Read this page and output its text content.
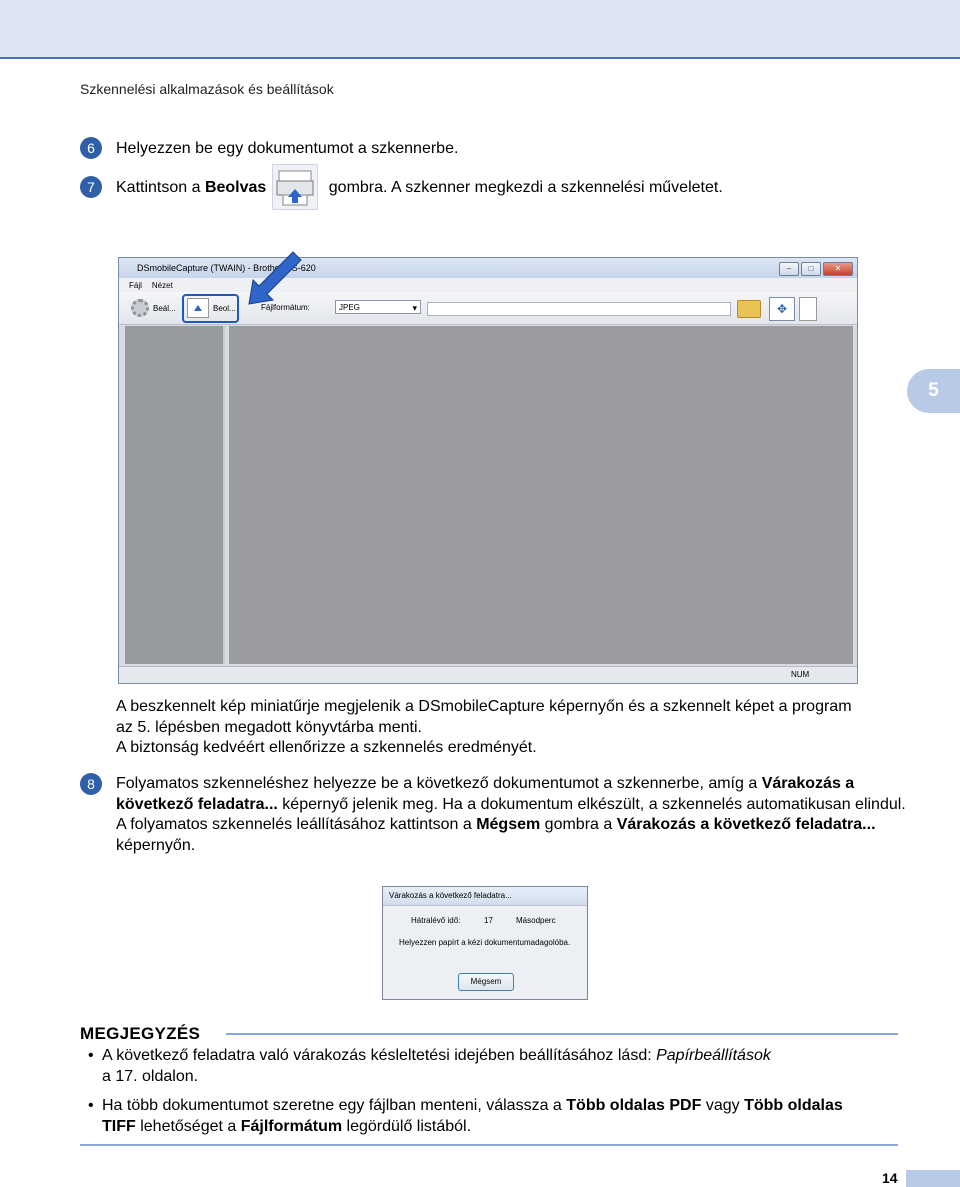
Szkennelési alkalmazások és beállítások
5
6	Helyezzen be egy dokumentumot a szkennerbe.
7	Kattintson a Beolvas	gombra. A szkenner megkezdi a szkennelési műveletet.
DSmobileCapture (TWAIN) - Brother DS-620	–	□	✕
Fájl Nézet
Beál...	Beol...	Fájlformátum:	JPEG ▾	✥
NUM
A beszkennelt kép miniatűrje megjelenik a DSmobileCapture képernyőn és a szkennelt képet a program
az 5. lépésben megadott könyvtárba menti.
A biztonság kedvéért ellenőrizze a szkennelés eredményét.
8	Folyamatos szkenneléshez helyezze be a következő dokumentumot a szkennerbe, amíg a Várakozás a következő feladatra... képernyő jelenik meg. Ha a dokumentum elkészült, a szkennelés automatikusan elindul.
A folyamatos szkennelés leállításához kattintson a Mégsem gombra a Várakozás a következő feladatra... képernyőn.
Várakozás a következő feladatra...
Hátralévő idő:	17	Másodperc
Helyezzen papírt a kézi dokumentumadagolóba.
Mégsem
MEGJEGYZÉS
• A következő feladatra való várakozás késleltetési idejében beállításához lásd: Papírbeállítások
a 17. oldalon.
• Ha több dokumentumot szeretne egy fájlban menteni, válassza a Több oldalas PDF vagy Több oldalas TIFF lehetőséget a Fájlformátum legördülő listából.
14
